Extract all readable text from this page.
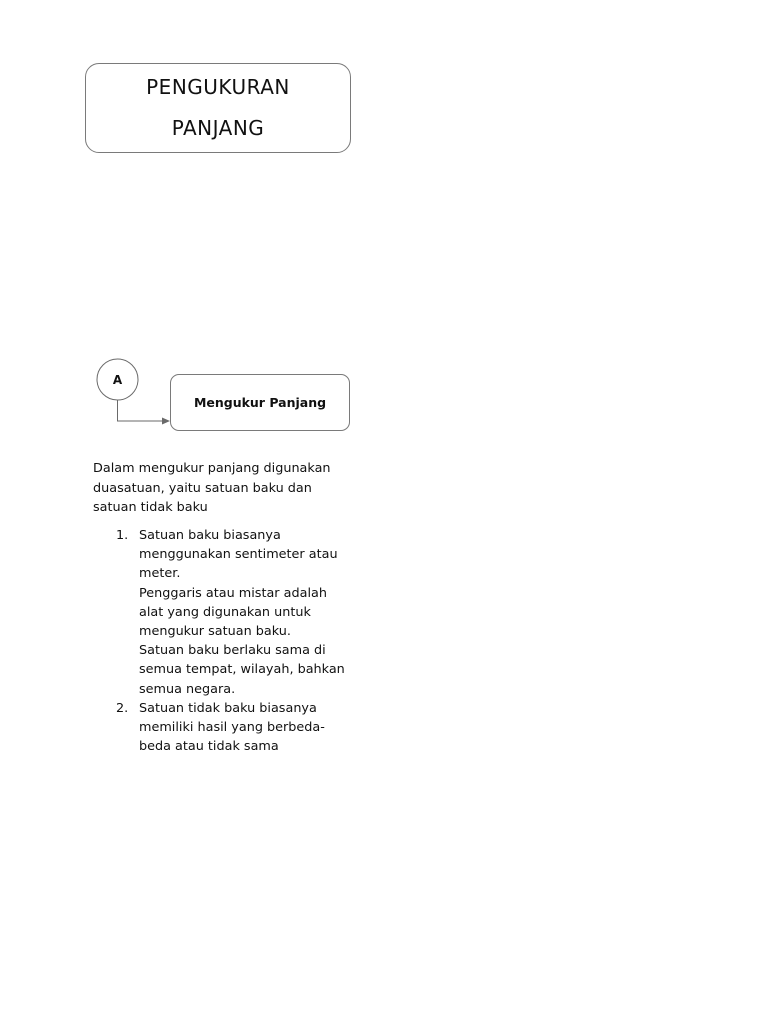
PENGUKURAN
PANJANG
A
Mengukur Panjang

Dalam mengukur panjang digunakan duasatuan, yaitu satuan baku dan satuan tidak baku

1. Satuan baku biasanya menggunakan sentimeter atau meter.

Penggaris atau mistar adalah alat yang digunakan untuk mengukur satuan baku.

Satuan baku berlaku sama di semua tempat, wilayah, bahkan semua negara.

2. Satuan tidak baku biasanya memiliki hasil yang berbeda-beda atau tidak sama
